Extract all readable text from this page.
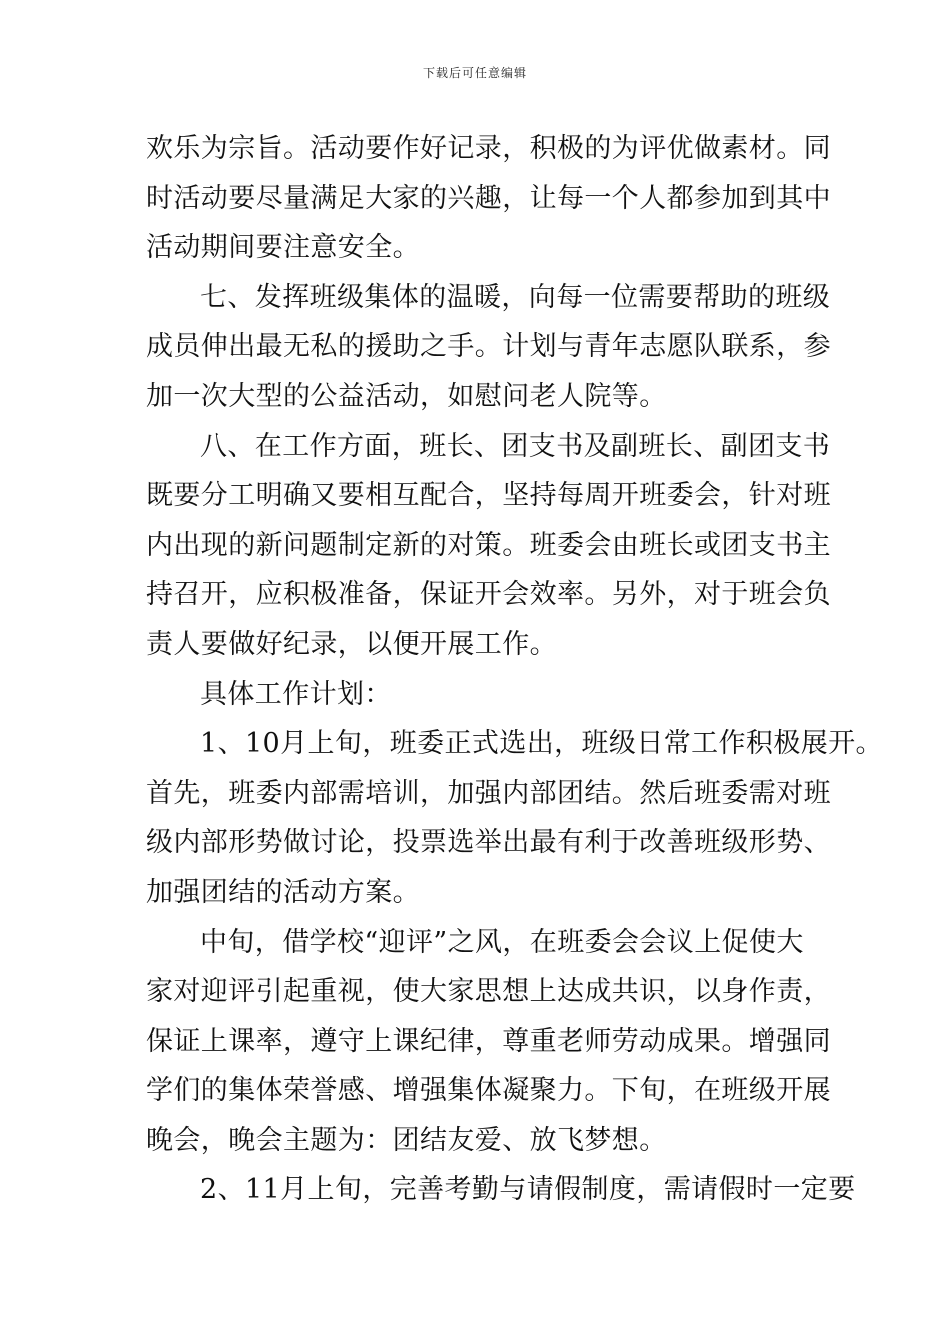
下载后可任意编辑
欢乐为宗旨。活动要作好记录，积极的为评优做素材。同
时活动要尽量满足大家的兴趣，让每一个人都参加到其中
活动期间要注意安全。
七、发挥班级集体的温暖，向每一位需要帮助的班级
成员伸出最无私的援助之手。计划与青年志愿队联系，参
加一次大型的公益活动，如慰问老人院等。
八、在工作方面，班长、团支书及副班长、副团支书
既要分工明确又要相互配合，坚持每周开班委会，针对班
内出现的新问题制定新的对策。班委会由班长或团支书主
持召开，应积极准备，保证开会效率。另外，对于班会负
责人要做好纪录，以便开展工作。
具体工作计划：
1、10月上旬，班委正式选出，班级日常工作积极展开。
首先，班委内部需培训，加强内部团结。然后班委需对班
级内部形势做讨论，投票选举出最有利于改善班级形势、
加强团结的活动方案。
中旬，借学校“迎评”之风，在班委会会议上促使大
家对迎评引起重视，使大家思想上达成共识，以身作责，
保证上课率，遵守上课纪律，尊重老师劳动成果。增强同
学们的集体荣誉感、增强集体凝聚力。下旬，在班级开展
晚会，晚会主题为：团结友爱、放飞梦想。
2、11月上旬，完善考勤与请假制度，需请假时一定要
